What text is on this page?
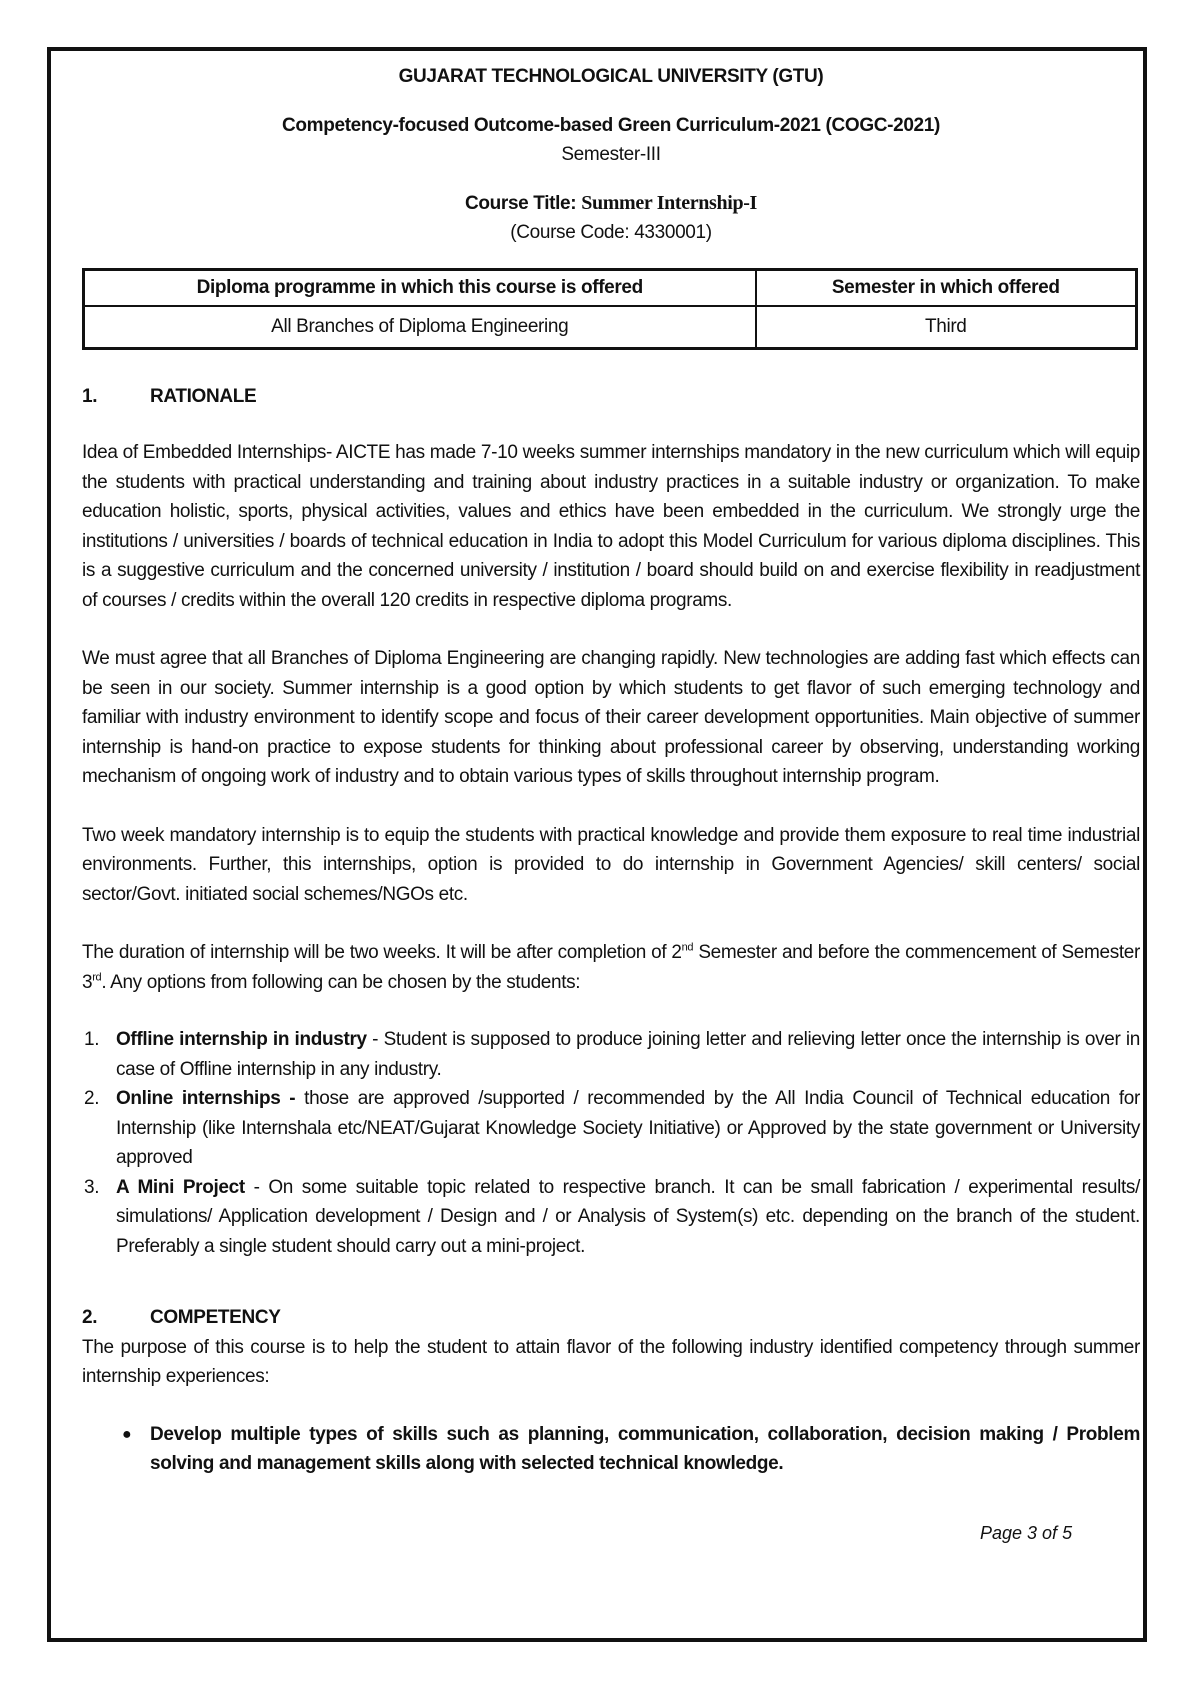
GUJARAT TECHNOLOGICAL UNIVERSITY (GTU)
Competency-focused Outcome-based Green Curriculum-2021 (COGC-2021)
Semester-III
Course Title: Summer Internship-I
(Course Code: 4330001)
Diploma programme in which this course is offered	Semester in which offered
All Branches of Diploma Engineering	Third
1.	RATIONALE

Idea of Embedded Internships- AICTE has made 7-10 weeks summer internships mandatory in the new curriculum which will equip the students with practical understanding and training about industry practices in a suitable industry or organization. To make education holistic, sports, physical activities, values and ethics have been embedded in the curriculum. We strongly urge the institutions / universities / boards of technical education in India to adopt this Model Curriculum for various diploma disciplines. This is a suggestive curriculum and the concerned university / institution / board should build on and exercise flexibility in readjustment of courses / credits within the overall 120 credits in respective diploma programs.

We must agree that all Branches of Diploma Engineering are changing rapidly. New technologies are adding fast which effects can be seen in our society. Summer internship is a good option by which students to get flavor of such emerging technology and familiar with industry environment to identify scope and focus of their career development opportunities. Main objective of summer internship is hand-on practice to expose students for thinking about professional career by observing, understanding working mechanism of ongoing work of industry and to obtain various types of skills throughout internship program.

Two week mandatory internship is to equip the students with practical knowledge and provide them exposure to real time industrial environments. Further, this internships, option is provided to do internship in Government Agencies/ skill centers/ social sector/Govt. initiated social schemes/NGOs etc.

The duration of internship will be two weeks. It will be after completion of 2nd Semester and before the commencement of Semester 3rd. Any options from following can be chosen by the students:

1. Offline internship in industry - Student is supposed to produce joining letter and relieving letter once the internship is over in case of Offline internship in any industry.
2. Online internships - those are approved /supported / recommended by the All India Council of Technical education for Internship (like Internshala etc/NEAT/Gujarat Knowledge Society Initiative) or Approved by the state government or University approved
3. A Mini Project - On some suitable topic related to respective branch. It can be small fabrication / experimental results/ simulations/ Application development / Design and / or Analysis of System(s) etc. depending on the branch of the student. Preferably a single student should carry out a mini-project.
2.	COMPETENCY

The purpose of this course is to help the student to attain flavor of the following industry identified competency through summer internship experiences:

● Develop multiple types of skills such as planning, communication, collaboration, decision making / Problem solving and management skills along with selected technical knowledge.
Page 3 of 5
